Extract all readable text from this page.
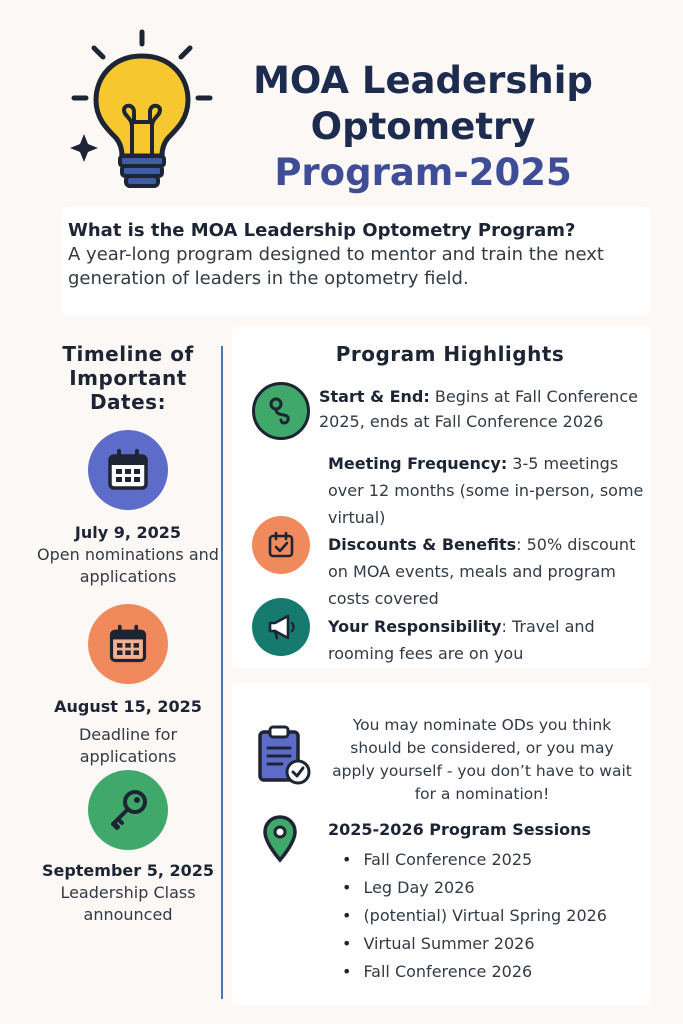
MOA Leadership
Optometry
Program-2025
What is the MOA Leadership Optometry Program?

A year-long program designed to mentor and train the next generation of leaders in the optometry field.

Timeline of Important Dates:
July 9, 2025
Open nominations and applications
August 15, 2025
Deadline for applications
September 5, 2025
Leadership Class announced
Program Highlights
Start & End: Begins at Fall Conference 2025, ends at Fall Conference 2026
Meeting Frequency: 3-5 meetings over 12 months (some in-person, some virtual)
Discounts & Benefits: 50% discount on MOA events, meals and program costs covered
Your Responsibility: Travel and rooming fees are on you
You may nominate ODs you think should be considered, or you may apply yourself - you don’t have to wait for a nomination!
2025-2026 Program Sessions
• Fall Conference 2025
• Leg Day 2026
• (potential) Virtual Spring 2026
• Virtual Summer 2026
• Fall Conference 2026
